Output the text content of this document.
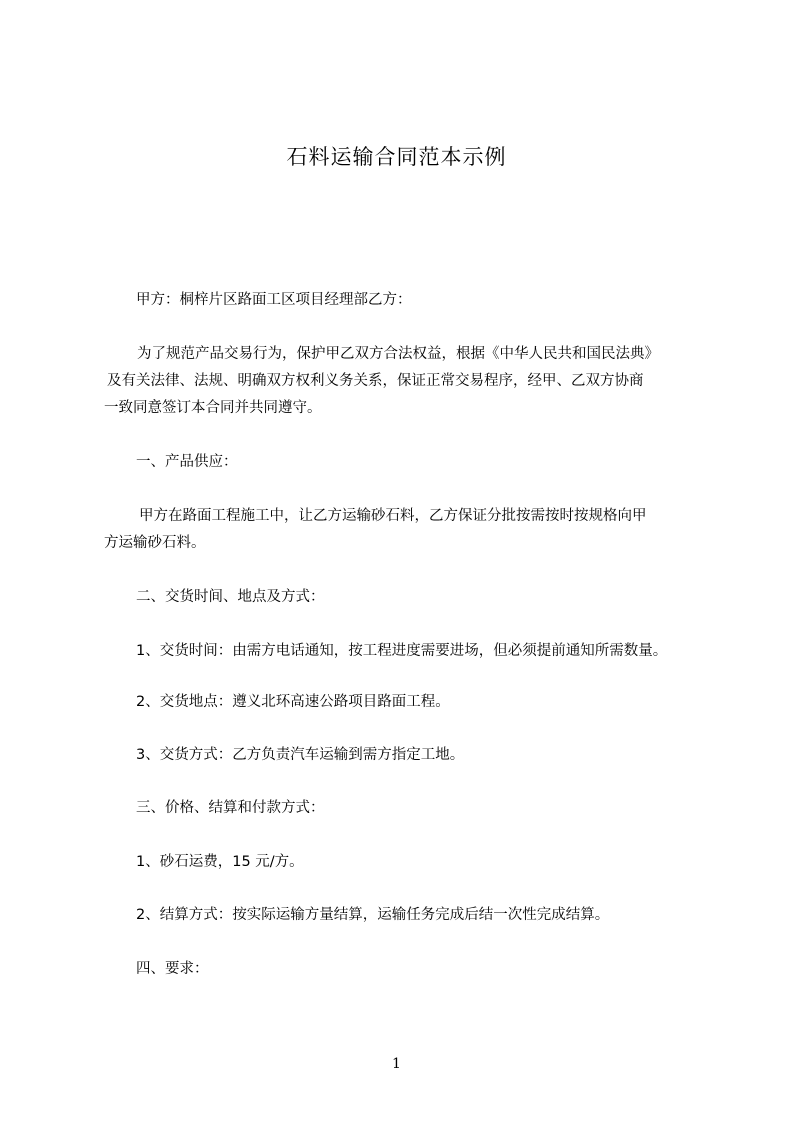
石料运输合同范本示例
甲方：桐梓片区路面工区项目经理部乙方：
为了规范产品交易行为，保护甲乙双方合法权益，根据《中华人民共和国民法典》
及有关法律、法规、明确双方权利义务关系，保证正常交易程序，经甲、乙双方协商
一致同意签订本合同并共同遵守。
一、产品供应：
甲方在路面工程施工中，让乙方运输砂石料，乙方保证分批按需按时按规格向甲
方运输砂石料。
二、交货时间、地点及方式：
1、交货时间：由需方电话通知，按工程进度需要进场，但必须提前通知所需数量。
2、交货地点：遵义北环高速公路项目路面工程。
3、交货方式：乙方负责汽车运输到需方指定工地。
三、价格、结算和付款方式：
1、砂石运费，15 元/方。
2、结算方式：按实际运输方量结算，运输任务完成后结一次性完成结算。
四、要求：
1
